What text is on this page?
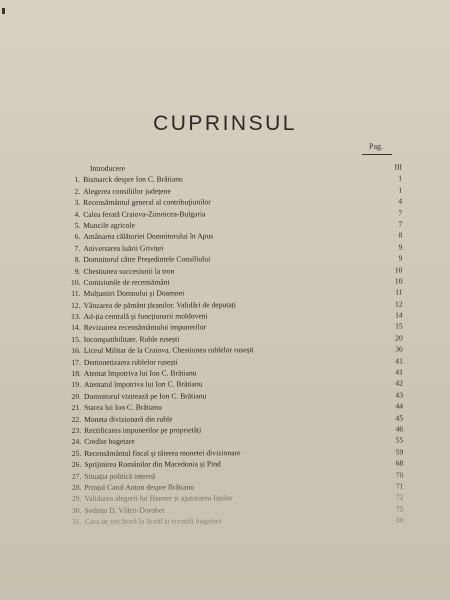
CUPRINSUL
Pag.
Introducere	III
1. Bismarck despre Ion C. Brătianu	1
2. Alegerea consiliilor județene	1
3. Recensământul general al contribuţiunilor	4
4. Calea ferată Craiova-Zimnicea-Bulgaria	7
5. Muncile agricole	7
6. Amânarea călătoriei Domnitorului în Apus	8
7. Aniversarea luării Griviței	9
8. Domnitorul către Președintele Consiliului	9
9. Chestiunea succesiunii la tron	10
10. Comisiunile de recensământ	10
11. Mulțumiri Domnului și Doamnei	11
12. Vânzarea de pământ țăranilor. Validări de deputați	12
13. Ad-ția centrală și funcționarii moldoveni	14
14. Revizuirea recensământului impunerilor	15
15. Incompatibilitate. Ruble rusești	20
16. Liceul Militar de la Craiova. Chestiunea rublelor rusești	36
17. Demonetizarea rublelor rusești	41
18. Atentat împotriva lui Ion C. Brătianu	41
19. Atentatul împotriva lui Ion C. Brătianu	42
20. Domnitorul vizitează pe Ion C. Brătianu	43
21. Starea lui Ion C. Brătianu	44
22. Moneta divizionară din ruble	45
23. Rectificarea impunerilor pe proprietăți	46
24. Credite bugetare	55
25. Recensământul fiscal și tăierea monetei divizionare	59
26. Sprijinirea Românilor din Macedonia și Pind	68
27. Situația politică internă	70
28. Prințul Carol Anton despre Brătianu	71
29. Validarea alegerii lui Hanner și ajutorarea Iașilor	72
30. Ședința D. Văleii-Dorobei	75
31. Cora de trecătoră la liceăl și scroteli bugetare	80
